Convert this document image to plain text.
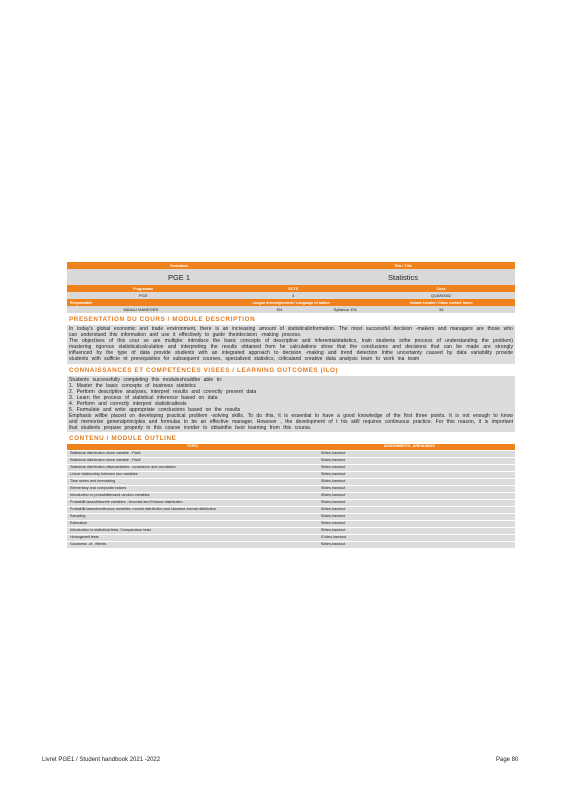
Formation	Title / Title
PGE 1	Statistics
Programme	ECTS	Code
PGE	4	QUAN0002
Responsable	Langue d'enseignement / Language of tuition	Volume horaire / Class contact hours
MANAJ MANEGER	EN Syllabus: EN	33
PRESENTATION DU COURS / MODULE DESCRIPTION

In today's global economic and trade environment, there is an increasing amount of statisticalinformation. The most successful decision -makers and managers are those who can understand this information and use it effectively to guide theirdecision -making process.

The objectives of this cour se are multiple: introduce the basic concepts of descriptive and inferentialstatistics, train students inthe process of understanding the problem) mastering rigorous statisticalcalculation and interpreting the results obtained from he calculations show that the conclusions and decisions that can be made are strongly influenced by the type of data provide students with an integrated approach to decision -making and trend detection Inthe uncertainty caused by data variability provide students with sufficie nt prerequisites for subsequent courses, specialized statistics, criticaland creative data analysis learn to work ina team

CONNAISSANCES ET COMPETENCES VISEES / LEARNING OUTCOMES (ILO)

Students successfully completing this moduleshouldbe able to:

1. Master the basic concepts of business statistics

2. Perform descriptive analyses, interpret results and correctly present data

3. Learn the process of statistical inference based on data

4. Perform and correctly interpret statisticaltests

5. Formulate and write appropriate conclusions based on the results

Emphasis willbe placed on developing practical problem -solving skills. To do this, it is essential to have a good knowledge of the first three points. It is not enough to know and memorize generalprinciples and formulas to be an effective manager. However , the development of t his skill requires continuous practice. For this reason, it is important that students prepare properly in this course inorder to obtainthe best learning from this course.

CONTENU / MODULE OUTLINE
TOPIC		ASSIGNMENTS &READINGS
Statistical distribution ofone variable - Part1	Slides,handout	
Statistical distribution ofone variable - Part2	Slides,handout	
Statistical distribution oftwovariables : covariance and correlation	Slides,handout	
Linear relationship between two variables	Slides,handout	
Time series and forecasting	Slides,handout	
Elementary and composite indices	Slides,handout	
Introduction to probabilitiesand random variables	Slides,handout	
Probabilit lawsofdiscrete variables : binomial and Poisson distribution	Slides,handout	
Probabilit lawsofcontinuous variables :normal distribution and standard normal distribution	Slides,handout	
Sampling	Slides,handout	
Estimation	Slides,handout	
Introduction to statistical tests. Comparaison tests	Slides,handout	
Homogeneit tests	S lides,handout	
Goodness -of - fittests	Slides,handout	
Livret PGE1 / Student handbook 2021 -2022	Page 80
